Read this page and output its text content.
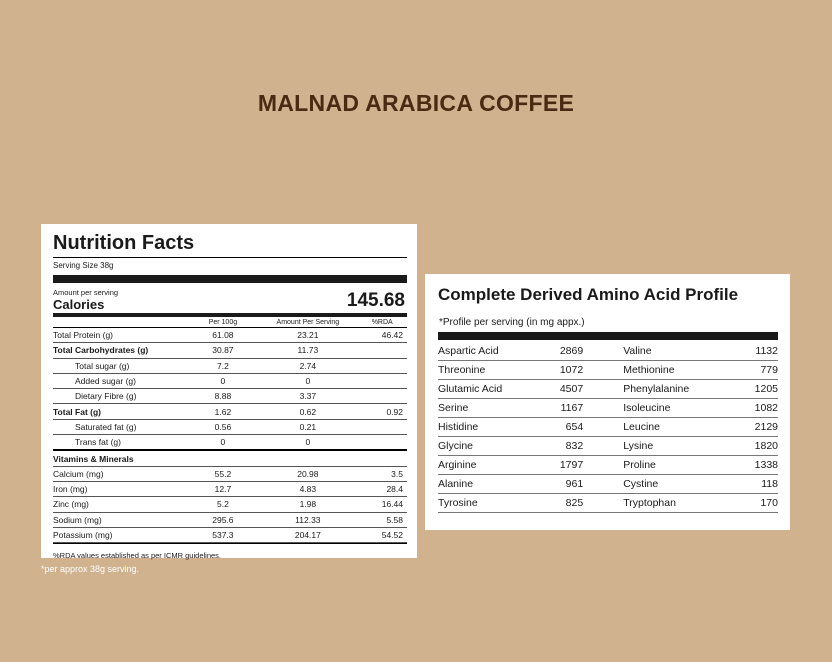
MALNAD ARABICA COFFEE
Nutrition Facts
Serving Size 38g
Amount per serving
Calories	145.68
	Per 100g	Amount Per Serving	%RDA
Total Protein (g)	61.08	23.21	46.42
Total Carbohydrates (g)	30.87	11.73	
Total sugar (g)	7.2	2.74	
Added sugar (g)	0	0	
Dietary Fibre (g)	8.88	3.37	
Total Fat (g)	1.62	0.62	0.92
Saturated fat (g)	0.56	0.21	
Trans fat (g)	0	0	
Vitamins & Minerals			
Calcium (mg)	55.2	20.98	3.5
Iron (mg)	12.7	4.83	28.4
Zinc (mg)	5.2	1.98	16.44
Sodium (mg)	295.6	112.33	5.58
Potassium (mg)	537.3	204.17	54.52
%RDA values established as per ICMR guidelines.
*per approx 38g serving.
Complete Derived Amino Acid Profile
*Profile per serving (in mg appx.)
Aspartic Acid	2869	Valine	1132
Threonine	1072	Methionine	779
Glutamic Acid	4507	Phenylalanine	1205
Serine	1167	Isoleucine	1082
Histidine	654	Leucine	2129
Glycine	832	Lysine	1820
Arginine	1797	Proline	1338
Alanine	961	Cystine	118
Tyrosine	825	Tryptophan	170
